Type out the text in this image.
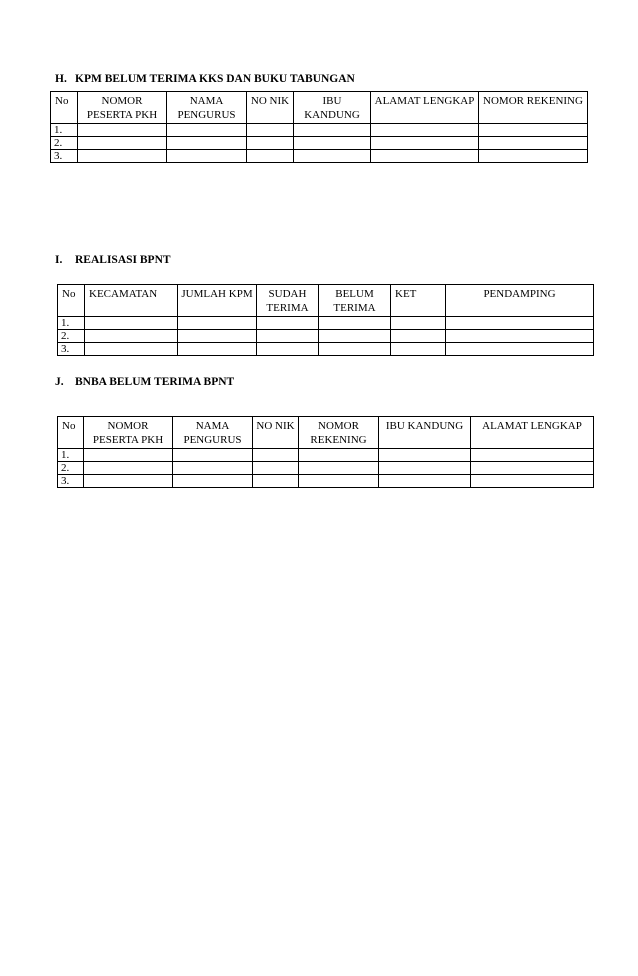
H. KPM BELUM TERIMA KKS DAN BUKU TABUNGAN
No	NOMOR PESERTA PKH	NAMA PENGURUS	NO NIK	IBU KANDUNG	ALAMAT LENGKAP	NOMOR REKENING
1.						
2.						
3.						
I. REALISASI BPNT
No	KECAMATAN	JUMLAH KPM	SUDAH TERIMA	BELUM TERIMA	KET	PENDAMPING
1.						
2.						
3.						
J. BNBA BELUM TERIMA BPNT
No	NOMOR PESERTA PKH	NAMA PENGURUS	NO NIK	NOMOR REKENING	IBU KANDUNG	ALAMAT LENGKAP
1.						
2.						
3.						
